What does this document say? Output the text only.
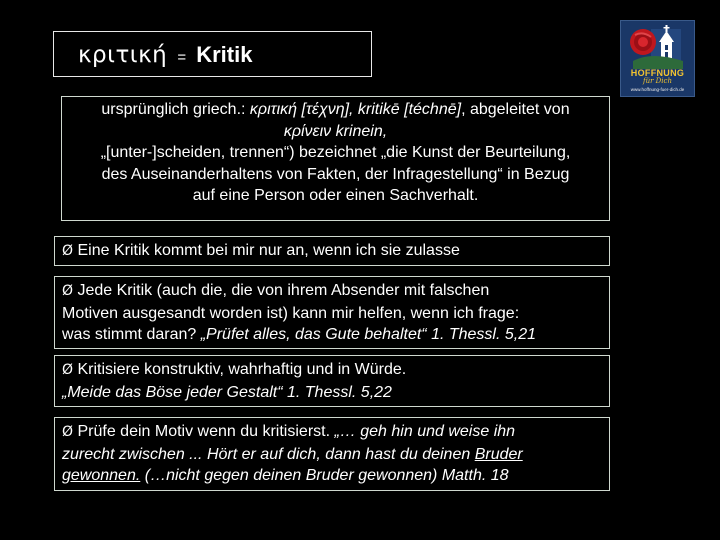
κριτική = Kritik
ursprünglich griech.: κριτική [τέχνη], kritikē [téchnē], abgeleitet von
κρίνειν krinein,
„[unter-]scheiden, trennen“) bezeichnet „die Kunst der Beurteilung,
des Auseinanderhaltens von Fakten, der Infragestellung“ in Bezug
auf eine Person oder einen Sachverhalt.
Ø Eine Kritik kommt bei mir nur an, wenn ich sie zulasse
Ø Jede Kritik (auch die, die von ihrem Absender mit falschen
Motiven ausgesandt worden ist) kann mir helfen, wenn ich frage:
was stimmt daran? „Prüfet alles, das Gute behaltet“ 1. Thessl. 5,21
Ø Kritisiere konstruktiv, wahrhaftig und in Würde.
„Meide das Böse jeder Gestalt“ 1. Thessl. 5,22
Ø Prüfe dein Motiv wenn du kritisierst. „… geh hin und weise ihn
zurecht zwischen ... Hört er auf dich, dann hast du deinen Bruder
gewonnen. (…nicht gegen deinen Bruder gewonnen) Matth. 18
HOFFNUNG
für Dich
www.hoffnung-fuer-dich.de
